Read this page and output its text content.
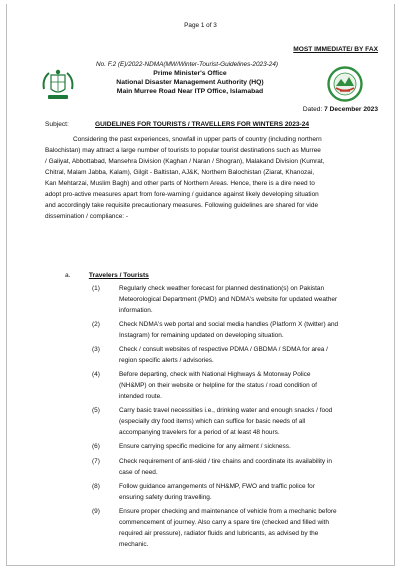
Page 1 of 3
MOST IMMEDIATE/ BY FAX
No. F.2 (E)/2022-NDMA(MW/Winter-Tourist-Guidelines-2023-24)
Prime Minister's Office
National Disaster Management Authority (HQ)
Main Murree Road Near ITP Office, Islamabad
Dated: 7 December 2023
Subject:	GUIDELINES FOR TOURISTS / TRAVELLERS FOR WINTERS 2023-24
Considering the past experiences, snowfall in upper parts of country (including northern
Balochistan) may attract a large number of tourists to popular tourist destinations such as Murree
/ Galiyat, Abbottabad, Mansehra Division (Kaghan / Naran / Shogran), Malakand Division (Kumrat,
Chitral, Malam Jabba, Kalam), Gilgit - Baltistan, AJ&K, Northern Balochistan (Ziarat, Khanozai,
Kan Mehtarzai, Muslim Bagh) and other parts of Northern Areas. Hence, there is a dire need to
adopt pro-active measures apart from fore-warning / guidance against likely developing situation
and accordingly take requisite precautionary measures. Following guidelines are shared for vide
dissemination / compliance: -
a.	Travelers / Tourists
(1)	Regularly check weather forecast for planned destination(s) on Pakistan
Meteorological Department (PMD) and NDMA's website for updated weather
information.
(2)	Check NDMA's web portal and social media handles (Platform X (twitter) and
Instagram) for remaining updated on developing situation.
(3)	Check / consult websites of respective PDMA / GBDMA / SDMA for area /
region specific alerts / advisories.
(4)	Before departing, check with National Highways & Motorway Police
(NH&MP) on their website or helpline for the status / road condition of
intended route.
(5)	Carry basic travel necessities i.e., drinking water and enough snacks / food
(especially dry food items) which can suffice for basic needs of all
accompanying travelers for a period of at least 48 hours.
(6)	Ensure carrying specific medicine for any ailment / sickness.
(7)	Check requirement of anti-skid / tire chains and coordinate its availability in
case of need.
(8)	Follow guidance arrangements of NH&MP, FWO and traffic police for
ensuring safety during travelling.
(9)	Ensure proper checking and maintenance of vehicle from a mechanic before
commencement of journey. Also carry a spare tire (checked and filled with
required air pressure), radiator fluids and lubricants, as advised by the
mechanic.
